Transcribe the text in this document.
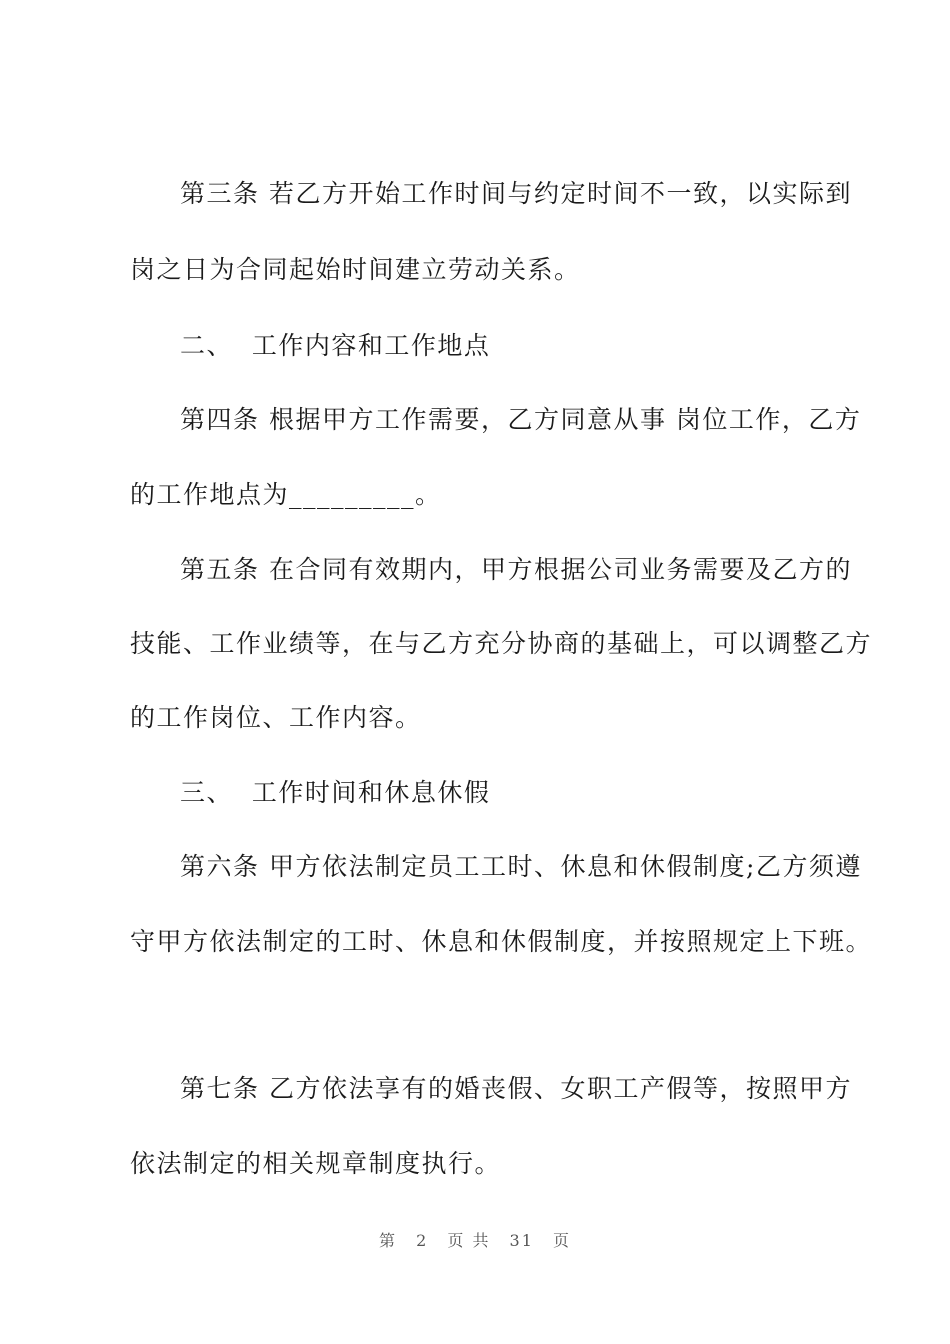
第三条 若乙方开始工作时间与约定时间不一致，以实际到
岗之日为合同起始时间建立劳动关系。
二、  工作内容和工作地点
第四条 根据甲方工作需要，乙方同意从事 岗位工作，乙方
的工作地点为_________。
第五条 在合同有效期内，甲方根据公司业务需要及乙方的
技能、工作业绩等，在与乙方充分协商的基础上，可以调整乙方
的工作岗位、工作内容。
三、  工作时间和休息休假
第六条 甲方依法制定员工工时、休息和休假制度;乙方须遵
守甲方依法制定的工时、休息和休假制度，并按照规定上下班。
第七条 乙方依法享有的婚丧假、女职工产假等，按照甲方
依法制定的相关规章制度执行。
第 2 页 共 31 页
